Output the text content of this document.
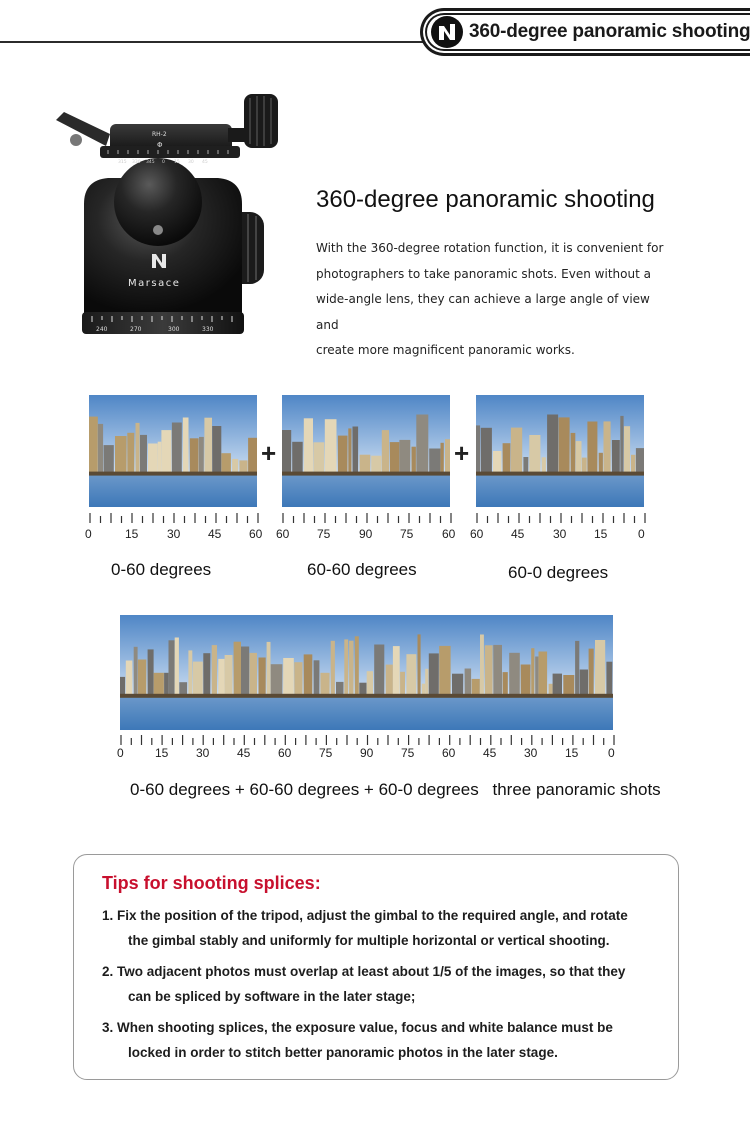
360-degree panoramic shooting
240	270	300	330
315 330 345 0 15 30 45
RH-2
Φ
Marsace
360-degree panoramic shooting

With the 360-degree rotation function, it is convenient for

photographers to take panoramic shots. Even without a

wide-angle lens, they can achieve a large angle of view and

create more magnificent panoramic works.

+	+
0	15 30 45 60 60 75 90 75 60 60 45 30 15	0
0-60 degrees	60-60 degrees	60-0 degrees
0	15 30 45 60 75 90 75 60 45 30 15 0
0-60 degrees + 60-60 degrees + 60-0 degrees three panoramic shots
Tips for shooting splices:
1. Fix the position of the tripod, adjust the gimbal to the required angle, and rotate
the gimbal stably and uniformly for multiple horizontal or vertical shooting.
2. Two adjacent photos must overlap at least about 1/5 of the images, so that they
can be spliced by software in the later stage;
3. When shooting splices, the exposure value, focus and white balance must be
locked in order to stitch better panoramic photos in the later stage.
